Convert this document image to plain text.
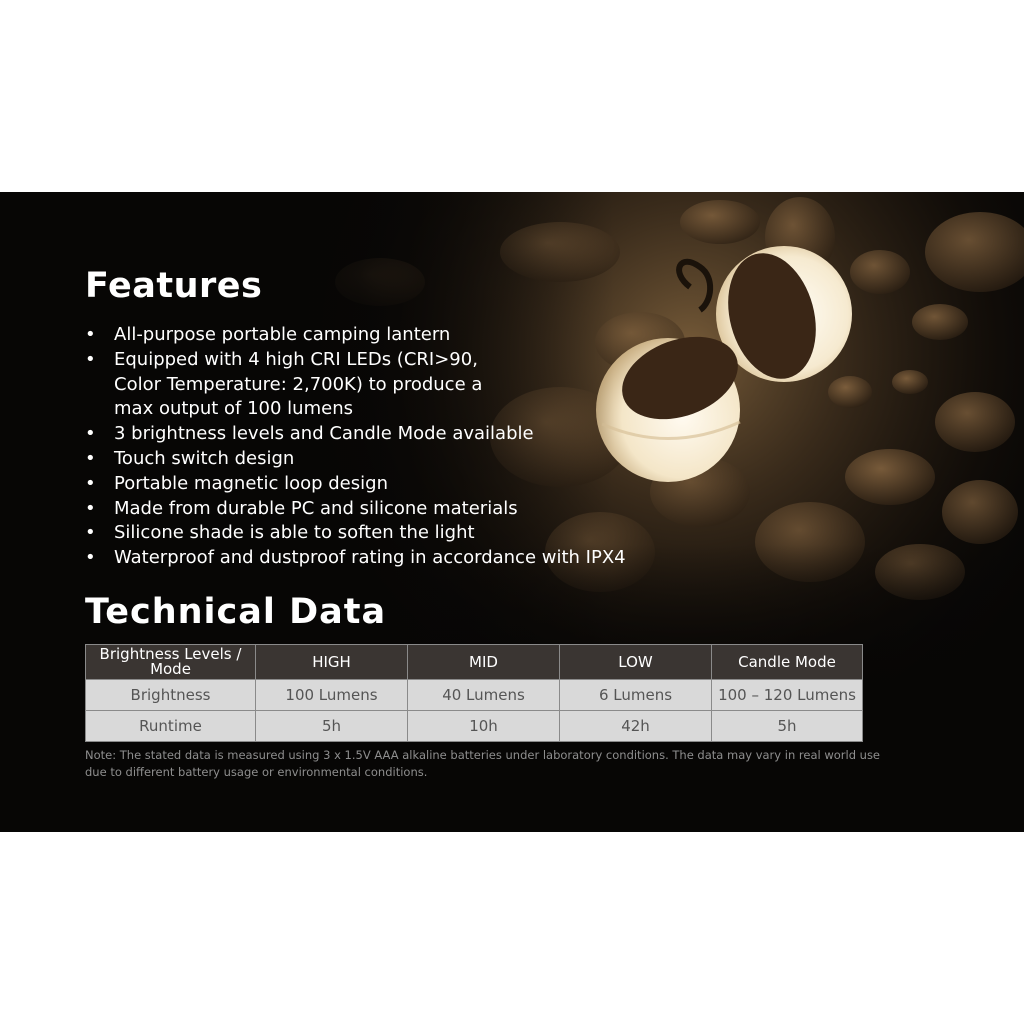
Features
• All-purpose portable camping lantern
• Equipped with 4 high CRI LEDs (CRI>90,
Color Temperature: 2,700K) to produce a
max output of 100 lumens
• 3 brightness levels and Candle Mode available
• Touch switch design
• Portable magnetic loop design
• Made from durable PC and silicone materials
• Silicone shade is able to soften the light
• Waterproof and dustproof rating in accordance with IPX4
Technical Data
Brightness Levels / Mode	HIGH	MID	LOW	Candle Mode
Brightness	100 Lumens	40 Lumens	6 Lumens	100 – 120 Lumens
Runtime	5h	10h	42h	5h

Note: The stated data is measured using 3 x 1.5V AAA alkaline batteries under laboratory conditions. The data may vary in real world use due to different battery usage or environmental conditions.
